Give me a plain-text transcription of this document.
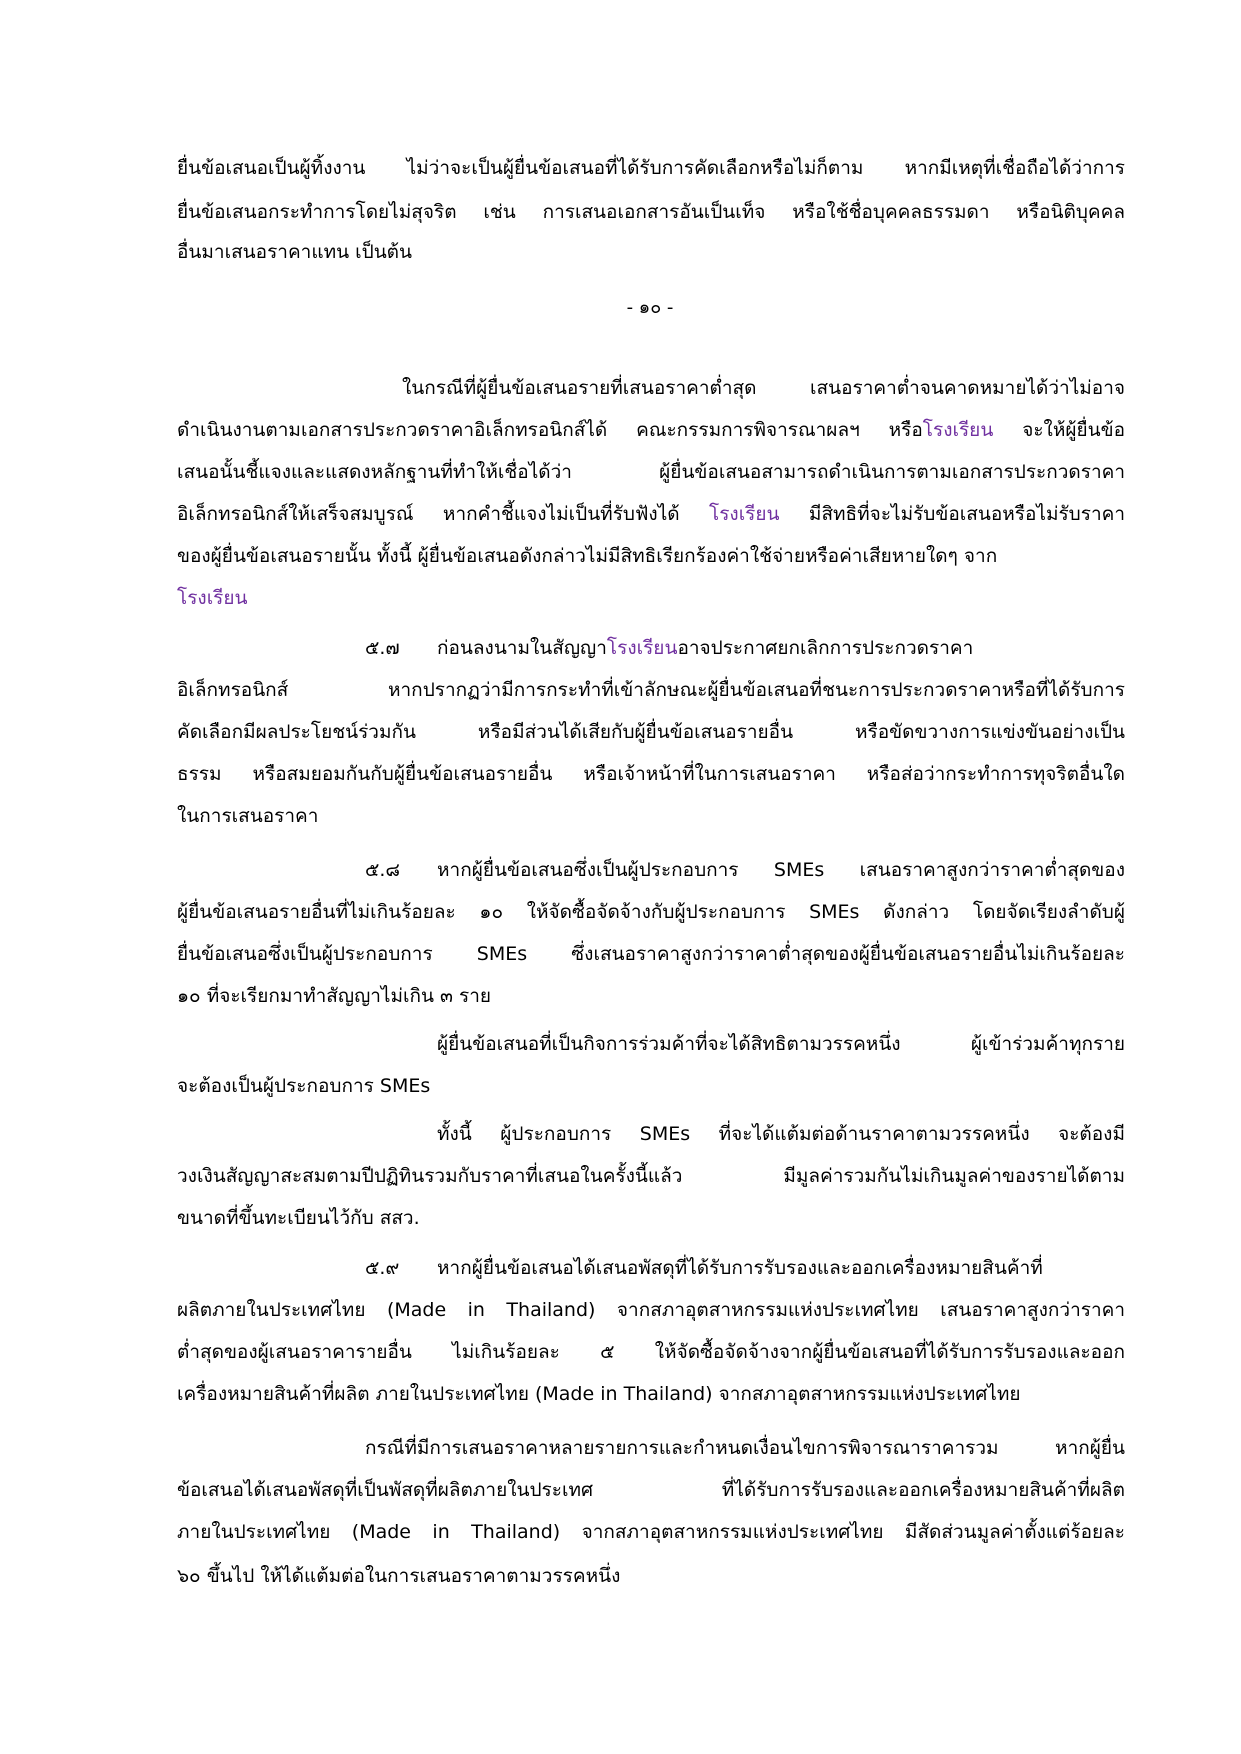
ยื่นข้อเสนอเป็นผู้ทิ้งงาน ไม่ว่าจะเป็นผู้ยื่นข้อเสนอที่ได้รับการคัดเลือกหรือไม่ก็ตาม หากมีเหตุที่เชื่อถือได้ว่าการ
ยื่นข้อเสนอกระทำการโดยไม่สุจริต เช่น การเสนอเอกสารอันเป็นเท็จ หรือใช้ชื่อบุคคลธรรมดา หรือนิติบุคคล
อื่นมาเสนอราคาแทน เป็นต้น
- ๑๐ -
ในกรณีที่ผู้ยื่นข้อเสนอรายที่เสนอราคาต่ำสุด เสนอราคาต่ำจนคาดหมายได้ว่าไม่อาจ
ดำเนินงานตามเอกสารประกวดราคาอิเล็กทรอนิกส์ได้ คณะกรรมการพิจารณาผลฯ หรือโรงเรียน จะให้ผู้ยื่นข้อ
เสนอนั้นชี้แจงและแสดงหลักฐานที่ทำให้เชื่อได้ว่า ผู้ยื่นข้อเสนอสามารถดำเนินการตามเอกสารประกวดราคา
อิเล็กทรอนิกส์ให้เสร็จสมบูรณ์ หากคำชี้แจงไม่เป็นที่รับฟังได้ โรงเรียน มีสิทธิที่จะไม่รับข้อเสนอหรือไม่รับราคา
ของผู้ยื่นข้อเสนอรายนั้น ทั้งนี้ ผู้ยื่นข้อเสนอดังกล่าวไม่มีสิทธิเรียกร้องค่าใช้จ่ายหรือค่าเสียหายใดๆ จาก
โรงเรียน
๕.๗ ก่อนลงนามในสัญญาโรงเรียนอาจประกาศยกเลิกการประกวดราคา
อิเล็กทรอนิกส์ หากปรากฏว่ามีการกระทำที่เข้าลักษณะผู้ยื่นข้อเสนอที่ชนะการประกวดราคาหรือที่ได้รับการ
คัดเลือกมีผลประโยชน์ร่วมกัน หรือมีส่วนได้เสียกับผู้ยื่นข้อเสนอรายอื่น หรือขัดขวางการแข่งขันอย่างเป็น
ธรรม หรือสมยอมกันกับผู้ยื่นข้อเสนอรายอื่น หรือเจ้าหน้าที่ในการเสนอราคา หรือส่อว่ากระทำการทุจริตอื่นใด
ในการเสนอราคา
๕.๘ หากผู้ยื่นข้อเสนอซึ่งเป็นผู้ประกอบการ SMEs เสนอราคาสูงกว่าราคาต่ำสุดของ
ผู้ยื่นข้อเสนอรายอื่นที่ไม่เกินร้อยละ ๑๐ ให้จัดซื้อจัดจ้างกับผู้ประกอบการ SMEs ดังกล่าว โดยจัดเรียงลำดับผู้
ยื่นข้อเสนอซึ่งเป็นผู้ประกอบการ SMEs ซึ่งเสนอราคาสูงกว่าราคาต่ำสุดของผู้ยื่นข้อเสนอรายอื่นไม่เกินร้อยละ
๑๐ ที่จะเรียกมาทำสัญญาไม่เกิน ๓ ราย
ผู้ยื่นข้อเสนอที่เป็นกิจการร่วมค้าที่จะได้สิทธิตามวรรคหนึ่ง ผู้เข้าร่วมค้าทุกราย
จะต้องเป็นผู้ประกอบการ SMEs
ทั้งนี้ ผู้ประกอบการ SMEs ที่จะได้แต้มต่อด้านราคาตามวรรคหนึ่ง จะต้องมี
วงเงินสัญญาสะสมตามปีปฏิทินรวมกับราคาที่เสนอในครั้งนี้แล้ว มีมูลค่ารวมกันไม่เกินมูลค่าของรายได้ตาม
ขนาดที่ขึ้นทะเบียนไว้กับ สสว.
๕.๙ หากผู้ยื่นข้อเสนอได้เสนอพัสดุที่ได้รับการรับรองและออกเครื่องหมายสินค้าที่
ผลิตภายในประเทศไทย (Made in Thailand) จากสภาอุตสาหกรรมแห่งประเทศไทย เสนอราคาสูงกว่าราคา
ต่ำสุดของผู้เสนอราคารายอื่น ไม่เกินร้อยละ ๕ ให้จัดซื้อจัดจ้างจากผู้ยื่นข้อเสนอที่ได้รับการรับรองและออก
เครื่องหมายสินค้าที่ผลิต ภายในประเทศไทย (Made in Thailand) จากสภาอุตสาหกรรมแห่งประเทศไทย
กรณีที่มีการเสนอราคาหลายรายการและกำหนดเงื่อนไขการพิจารณาราคารวม หากผู้ยื่น
ข้อเสนอได้เสนอพัสดุที่เป็นพัสดุที่ผลิตภายในประเทศ ที่ได้รับการรับรองและออกเครื่องหมายสินค้าที่ผลิต
ภายในประเทศไทย (Made in Thailand) จากสภาอุตสาหกรรมแห่งประเทศไทย มีสัดส่วนมูลค่าตั้งแต่ร้อยละ
๖๐ ขึ้นไป ให้ได้แต้มต่อในการเสนอราคาตามวรรคหนึ่ง
